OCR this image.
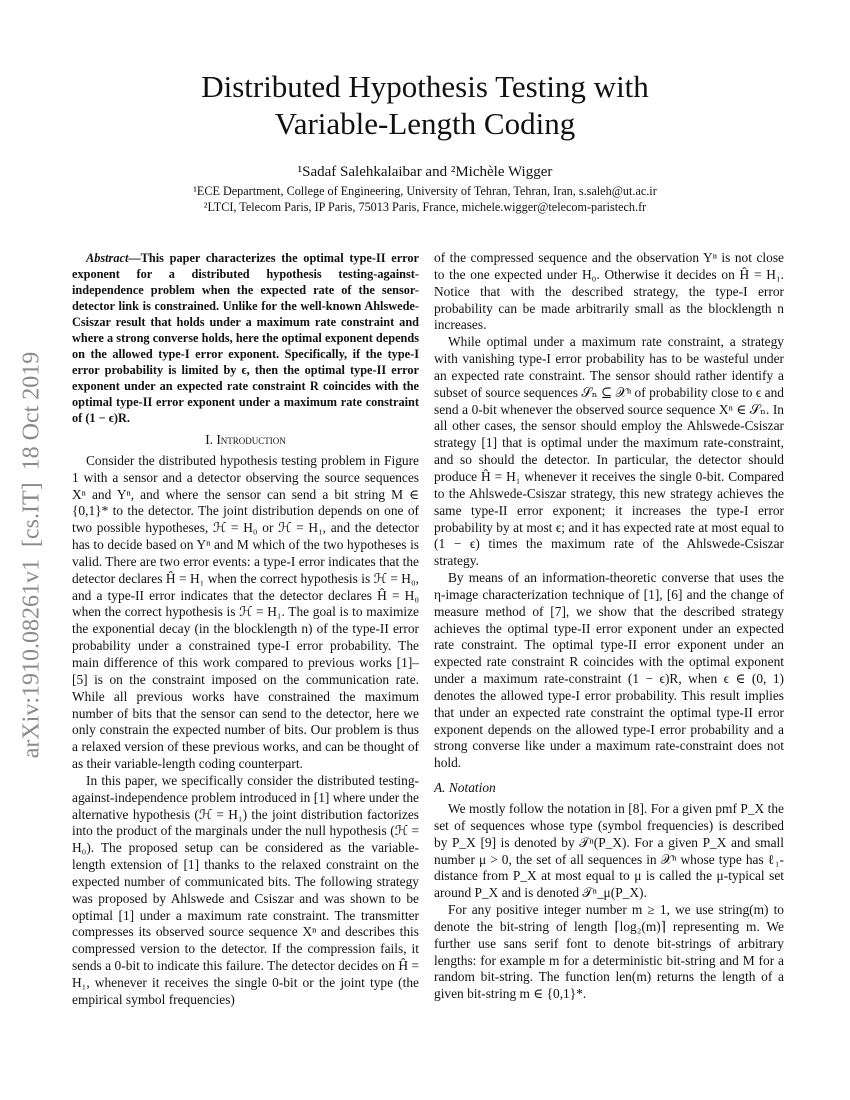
Distributed Hypothesis Testing with
Variable-Length Coding
¹Sadaf Salehkalaibar and ²Michèle Wigger
¹ECE Department, College of Engineering, University of Tehran, Tehran, Iran, s.saleh@ut.ac.ir
²LTCI, Telecom Paris, IP Paris, 75013 Paris, France, michele.wigger@telecom-paristech.fr
arXiv:1910.08261v1  [cs.IT]  18 Oct 2019
Abstract—This paper characterizes the optimal type-II error exponent for a distributed hypothesis testing-against-independence problem when the expected rate of the sensor-detector link is constrained. Unlike for the well-known Ahlswede-Csiszar result that holds under a maximum rate constraint and where a strong converse holds, here the optimal exponent depends on the allowed type-I error exponent. Specifically, if the type-I error probability is limited by ϵ, then the optimal type-II error exponent under an expected rate constraint R coincides with the optimal type-II error exponent under a maximum rate constraint of (1 − ϵ)R.
I. Introduction

Consider the distributed hypothesis testing problem in Figure 1 with a sensor and a detector observing the source sequences Xⁿ and Yⁿ, and where the sensor can send a bit string M ∈ {0,1}* to the detector. The joint distribution depends on one of two possible hypotheses, ℋ = H₀ or ℋ = H₁, and the detector has to decide based on Yⁿ and M which of the two hypotheses is valid. There are two error events: a type-I error indicates that the detector declares Ĥ = H₁ when the correct hypothesis is ℋ = H₀, and a type-II error indicates that the detector declares Ĥ = H₀ when the correct hypothesis is ℋ = H₁. The goal is to maximize the exponential decay (in the blocklength n) of the type-II error probability under a constrained type-I error probability. The main difference of this work compared to previous works [1]–[5] is on the constraint imposed on the communication rate. While all previous works have constrained the maximum number of bits that the sensor can send to the detector, here we only constrain the expected number of bits. Our problem is thus a relaxed version of these previous works, and can be thought of as their variable-length coding counterpart.

In this paper, we specifically consider the distributed testing-against-independence problem introduced in [1] where under the alternative hypothesis (ℋ = H₁) the joint distribution factorizes into the product of the marginals under the null hypothesis (ℋ = H₀). The proposed setup can be considered as the variable-length extension of [1] thanks to the relaxed constraint on the expected number of communicated bits. The following strategy was proposed by Ahlswede and Csiszar and was shown to be optimal [1] under a maximum rate constraint. The transmitter compresses its observed source sequence Xⁿ and describes this compressed version to the detector. If the compression fails, it sends a 0-bit to indicate this failure. The detector decides on Ĥ = H₁, whenever it receives the single 0-bit or the joint type (the empirical symbol frequencies)

of the compressed sequence and the observation Yⁿ is not close to the one expected under H₀. Otherwise it decides on Ĥ = H₁. Notice that with the described strategy, the type-I error probability can be made arbitrarily small as the blocklength n increases.

While optimal under a maximum rate constraint, a strategy with vanishing type-I error probability has to be wasteful under an expected rate constraint. The sensor should rather identify a subset of source sequences 𝒮ₙ ⊆ 𝒳ⁿ of probability close to ϵ and send a 0-bit whenever the observed source sequence Xⁿ ∈ 𝒮ₙ. In all other cases, the sensor should employ the Ahlswede-Csiszar strategy [1] that is optimal under the maximum rate-constraint, and so should the detector. In particular, the detector should produce Ĥ = H₁ whenever it receives the single 0-bit. Compared to the Ahlswede-Csiszar strategy, this new strategy achieves the same type-II error exponent; it increases the type-I error probability by at most ϵ; and it has expected rate at most equal to (1 − ϵ) times the maximum rate of the Ahlswede-Csiszar strategy.

By means of an information-theoretic converse that uses the η-image characterization technique of [1], [6] and the change of measure method of [7], we show that the described strategy achieves the optimal type-II error exponent under an expected rate constraint. The optimal type-II error exponent under an expected rate constraint R coincides with the optimal exponent under a maximum rate-constraint (1 − ϵ)R, when ϵ ∈ (0, 1) denotes the allowed type-I error probability. This result implies that under an expected rate constraint the optimal type-II error exponent depends on the allowed type-I error probability and a strong converse like under a maximum rate-constraint does not hold.

A. Notation

We mostly follow the notation in [8]. For a given pmf P_X the set of sequences whose type (symbol frequencies) is described by P_X [9] is denoted by 𝒯ⁿ(P_X). For a given P_X and small number μ > 0, the set of all sequences in 𝒳ⁿ whose type has ℓ₁-distance from P_X at most equal to μ is called the μ-typical set around P_X and is denoted 𝒯ⁿ_μ(P_X).

For any positive integer number m ≥ 1, we use string(m) to denote the bit-string of length ⌈log₂(m)⌉ representing m. We further use sans serif font to denote bit-strings of arbitrary lengths: for example m for a deterministic bit-string and M for a random bit-string. The function len(m) returns the length of a given bit-string m ∈ {0,1}*.
